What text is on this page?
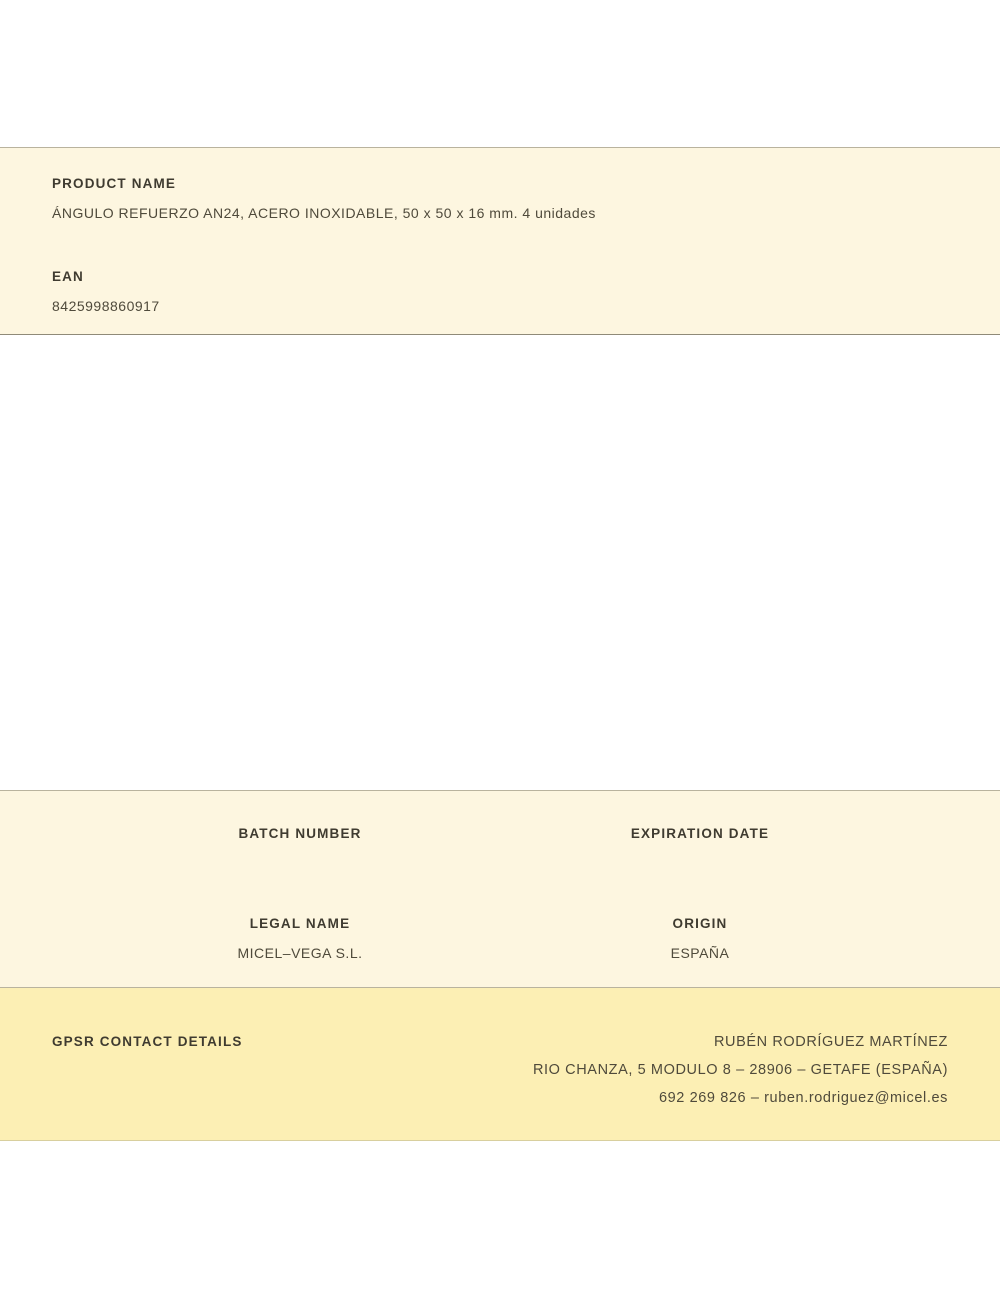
PRODUCT NAME
ÁNGULO REFUERZO AN24, ACERO INOXIDABLE, 50 x 50 x 16 mm. 4 unidades
EAN
8425998860917
BATCH NUMBER	EXPIRATION DATE
LEGAL NAME
MICEL–VEGA S.L.
ORIGIN
ESPAÑA
GPSR CONTACT DETAILS	RUBÉN RODRÍGUEZ MARTÍNEZ
RIO CHANZA, 5 MODULO 8 – 28906 – GETAFE (ESPAÑA)
692 269 826 – ruben.rodriguez@micel.es
